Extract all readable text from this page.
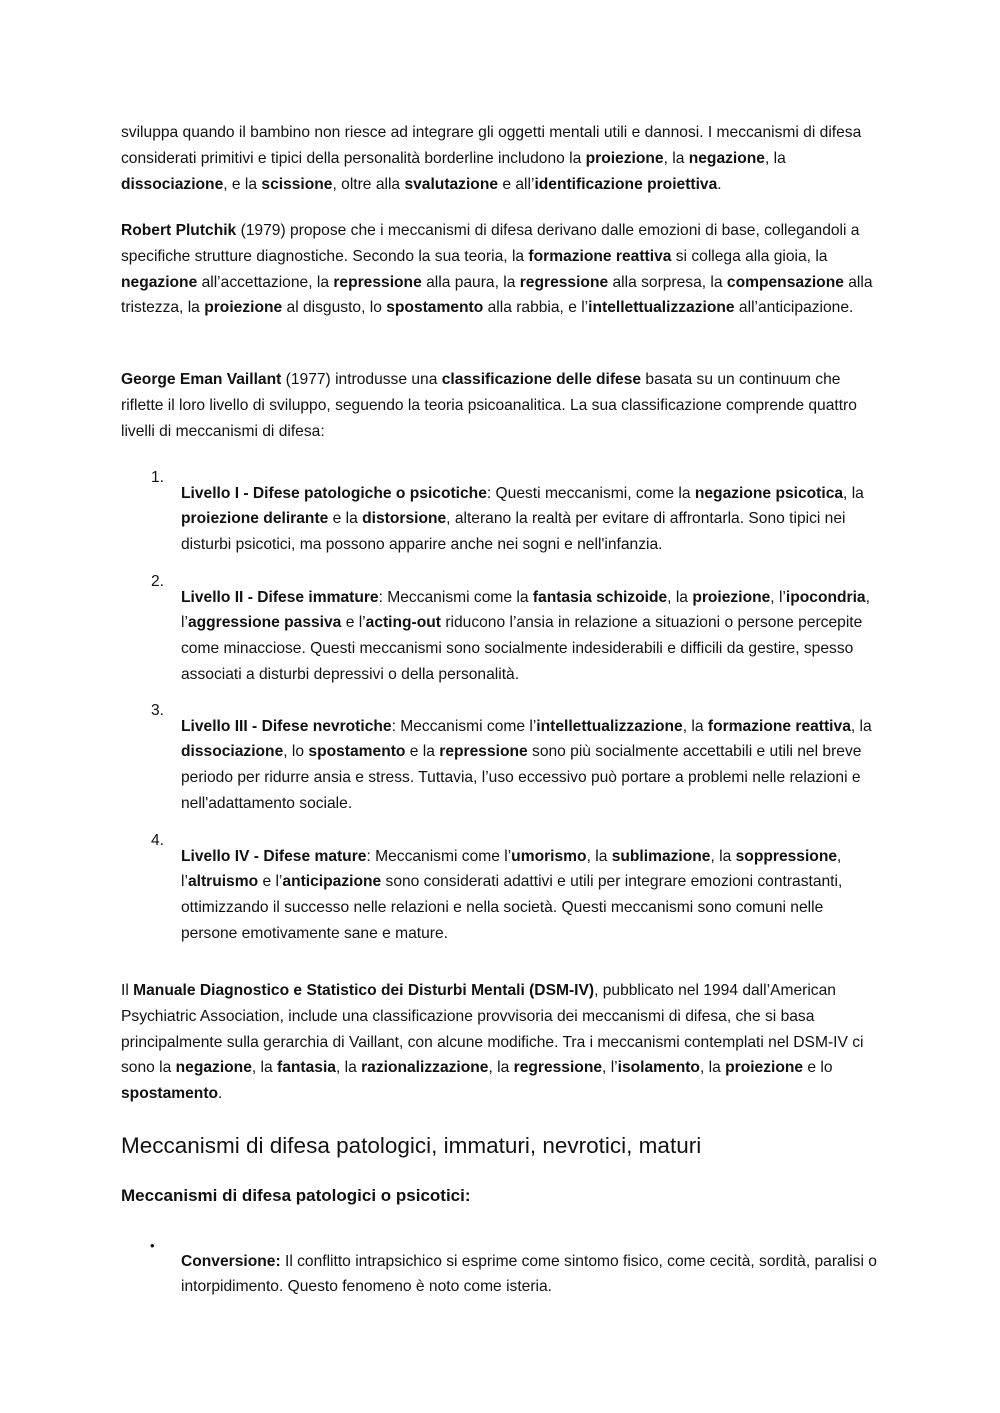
sviluppa quando il bambino non riesce ad integrare gli oggetti mentali utili e dannosi. I meccanismi di difesa considerati primitivi e tipici della personalità borderline includono la proiezione, la negazione, la dissociazione, e la scissione, oltre alla svalutazione e all’identificazione proiettiva.

Robert Plutchik (1979) propose che i meccanismi di difesa derivano dalle emozioni di base, collegandoli a specifiche strutture diagnostiche. Secondo la sua teoria, la formazione reattiva si collega alla gioia, la negazione all’accettazione, la repressione alla paura, la regressione alla sorpresa, la compensazione alla tristezza, la proiezione al disgusto, lo spostamento alla rabbia, e l’intellettualizzazione all’anticipazione.

George Eman Vaillant (1977) introdusse una classificazione delle difese basata su un continuum che riflette il loro livello di sviluppo, seguendo la teoria psicoanalitica. La sua classificazione comprende quattro livelli di meccanismi di difesa:

1.

Livello I - Difese patologiche o psicotiche: Questi meccanismi, come la negazione psicotica, la proiezione delirante e la distorsione, alterano la realtà per evitare di affrontarla. Sono tipici nei disturbi psicotici, ma possono apparire anche nei sogni e nell'infanzia.

2.

Livello II - Difese immature: Meccanismi come la fantasia schizoide, la proiezione, l’ipocondria, l’aggressione passiva e l’acting-out riducono l’ansia in relazione a situazioni o persone percepite come minacciose. Questi meccanismi sono socialmente indesiderabili e difficili da gestire, spesso associati a disturbi depressivi o della personalità.

3.

Livello III - Difese nevrotiche: Meccanismi come l’intellettualizzazione, la formazione reattiva, la dissociazione, lo spostamento e la repressione sono più socialmente accettabili e utili nel breve periodo per ridurre ansia e stress. Tuttavia, l’uso eccessivo può portare a problemi nelle relazioni e nell'adattamento sociale.

4.

Livello IV - Difese mature: Meccanismi come l’umorismo, la sublimazione, la soppressione, l’altruismo e l’anticipazione sono considerati adattivi e utili per integrare emozioni contrastanti, ottimizzando il successo nelle relazioni e nella società. Questi meccanismi sono comuni nelle persone emotivamente sane e mature.

Il Manuale Diagnostico e Statistico dei Disturbi Mentali (DSM-IV), pubblicato nel 1994 dall’American Psychiatric Association, include una classificazione provvisoria dei meccanismi di difesa, che si basa principalmente sulla gerarchia di Vaillant, con alcune modifiche. Tra i meccanismi contemplati nel DSM-IV ci sono la negazione, la fantasia, la razionalizzazione, la regressione, l’isolamento, la proiezione e lo spostamento.

Meccanismi di difesa patologici, immaturi, nevrotici, maturi
Meccanismi di difesa patologici o psicotici:
•

Conversione: Il conflitto intrapsichico si esprime come sintomo fisico, come cecità, sordità, paralisi o intorpidimento. Questo fenomeno è noto come isteria.
